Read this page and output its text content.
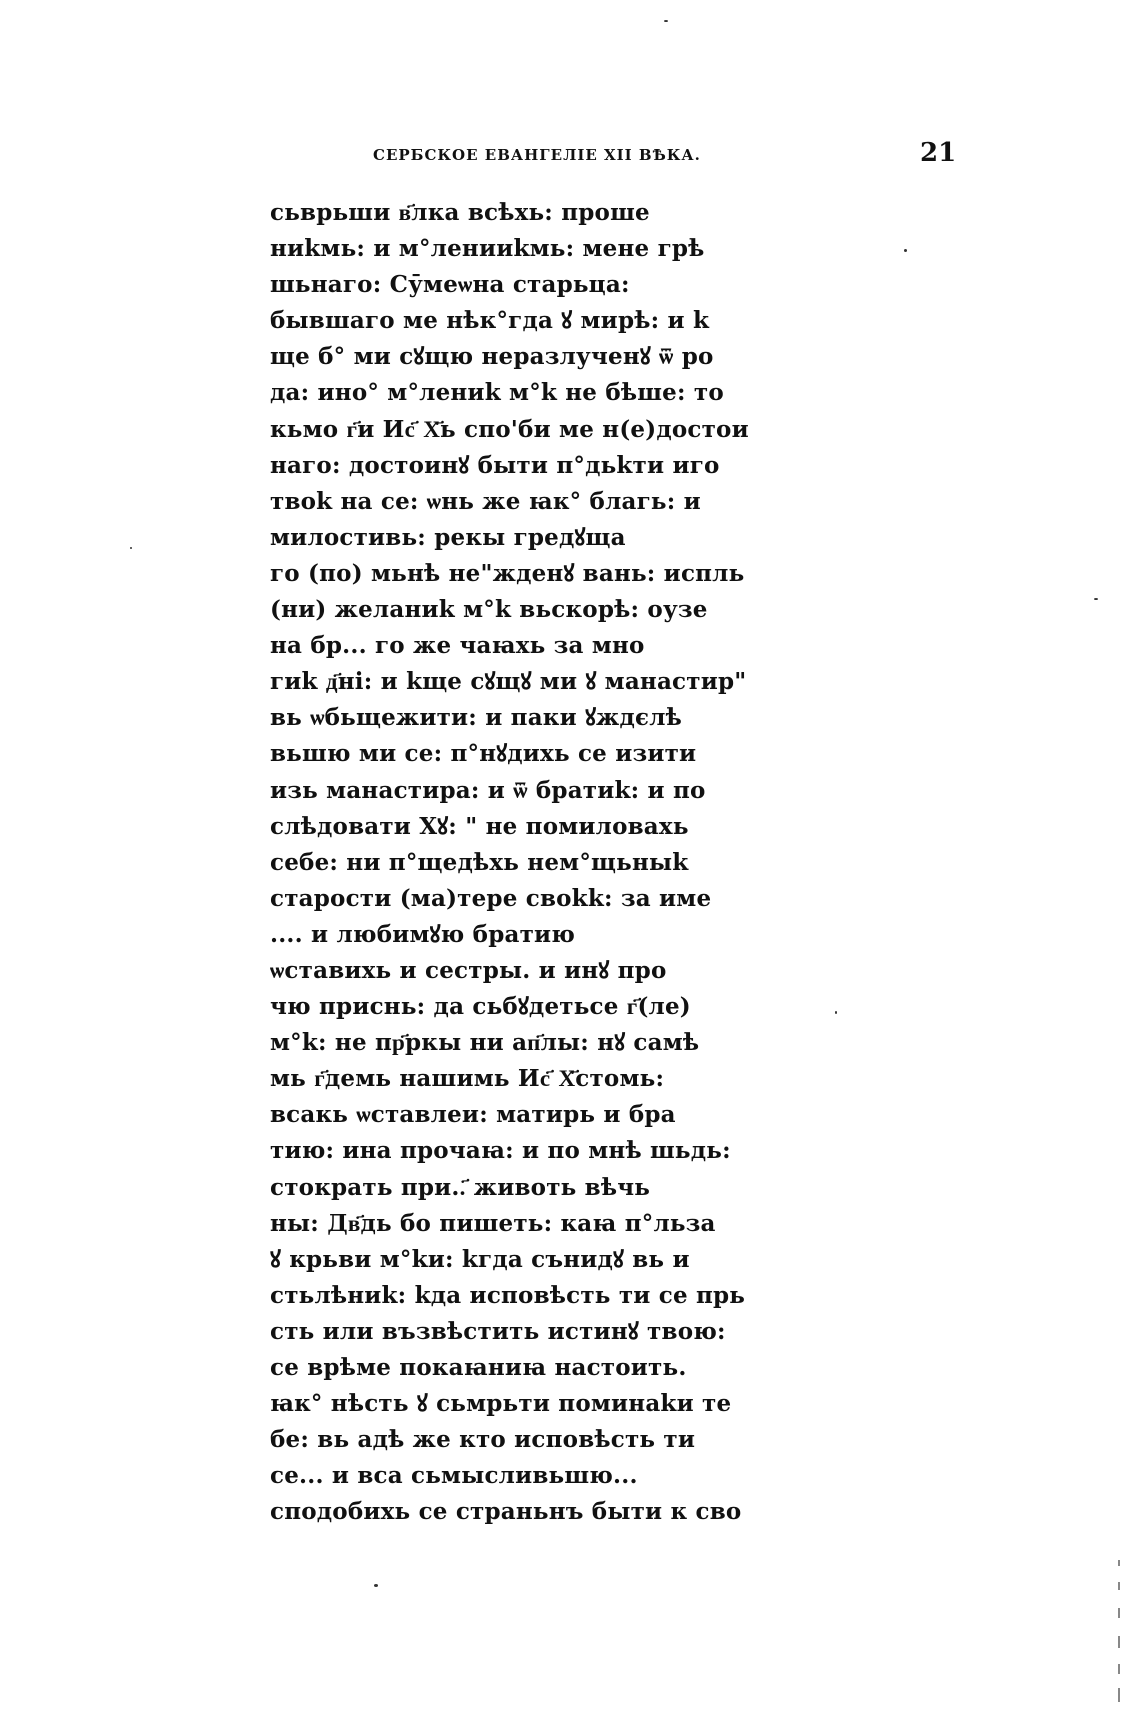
СЕРБСКОЕ ЕВАНГЕЛІЕ XII ВѢКА.	21
сьврьши в҃лка всѣхь: проше
ниkмь: и м°ленииkмь: мене грѣ
шьнаго: Сӯмеѡна старьца:
бывшаго ме нѣк°гда ꙋ мирѣ: и k
ще б° ми сꙋщю неразлученꙋ ѿ ро
да: ино° м°лениk м°k не бѣше: то
кьмо г҃и Ис҃ Х҃ь спо'би ме н(е)достои
наго: достоинꙋ быти п°дьkти иго
твоk на се: ѡнь же ꙗк° благь: и
милостивь: рекы гредꙋща
го (по) мьнѣ не"жденꙋ вань: испль
(ни) желаниk м°k вьскорѣ: оузе
на бр... го же чаꙗхь за мно
гиk д҃ні: и kще сꙋщꙋ ми ꙋ манастир"
вь ѡбьщежити: и паки ꙋждєлѣ
вьшю ми се: п°нꙋдихь се изити
изь манастира: и ѿ братиk: и по
слѣдовати Хꙋ: " не помиловахь
себе: ни п°щедѣхь нем°щьныk
старости (ма)тере своkk: за име
.... и любимꙋю братию
ѡставихь и сестры. и инꙋ про
чю приснь: да сьбꙋдетьсе г҃(ле)
м°k: не пр҃ркы ни ап҃лы: нꙋ самѣ
мь г҃демь нашимь Ис҃ Х҃стомь:
всакь ѡставлеи: матирь и бра
тию: ина прочаꙗ: и по мнѣ шьдь:
стократь при..҃ животь вѣчь
ны: Дв҃дь бо пишеть: каꙗ п°льза
ꙋ крьви м°kи: kгда сънидꙋ вь и
стьлѣниk: kда исповѣсть ти се прь
сть или възвѣстить истинꙋ твою:
се врѣме покаꙗниꙗ настоить.
ꙗк° нѣсть ꙋ сьмрьти поминаkи те
бе: вь адѣ же кто исповѣсть ти
се... и вса сьмысливьшю...
сподобихь се страньнъ быти к сво
